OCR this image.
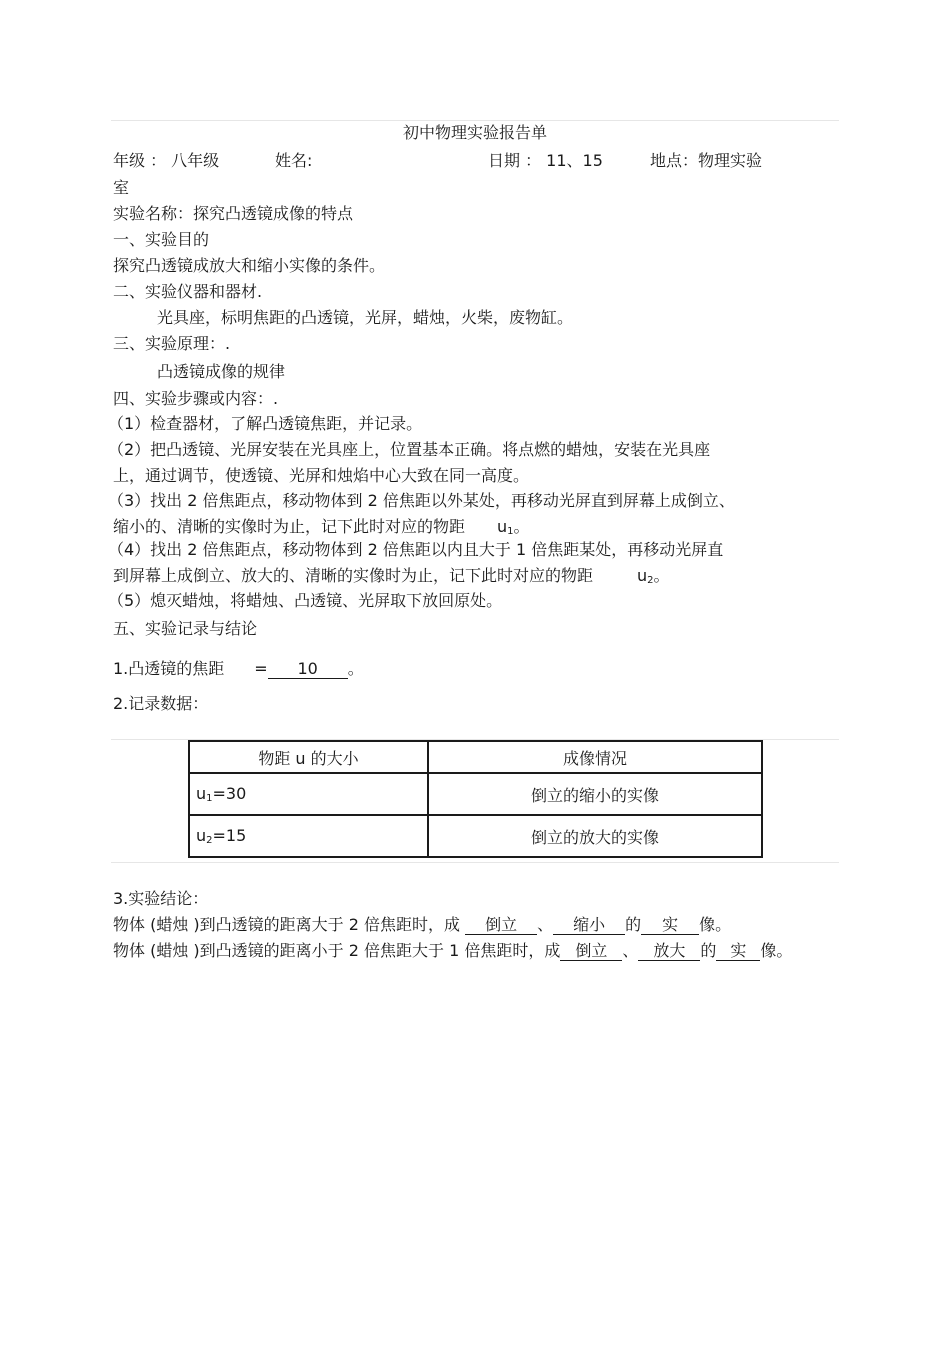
初中物理实验报告单
年级 ： 八年级	姓名:	日期 ： 11、15	地点：物理实验
室
实验名称：探究凸透镜成像的特点
一、实验目的
探究凸透镜成放大和缩小实像的条件。
二、实验仪器和器材.
光具座，标明焦距的凸透镜，光屏，蜡烛，火柴，废物缸。
三、实验原理：.
凸透镜成像的规律
四、实验步骤或内容：.
（1）检查器材，了解凸透镜焦距，并记录。
（2）把凸透镜、光屏安装在光具座上，位置基本正确。将点燃的蜡烛，安装在光具座
上，通过调节，使透镜、光屏和烛焰中心大致在同一高度。
（3）找出 2 倍焦距点，移动物体到 2 倍焦距以外某处，再移动光屏直到屏幕上成倒立、
缩小的、清晰的实像时为止，记下此时对应的物距 $u_1$。
（4）找出 2 倍焦距点，移动物体到 2 倍焦距以内且大于 1 倍焦距某处，再移动光屏直
到屏幕上成倒立、放大的、清晰的实像时为止，记下此时对应的物距	$u_2$。
（5）熄灭蜡烛，将蜡烛、凸透镜、光屏取下放回原处。
五、实验记录与结论
1.凸透镜的焦距 = 10 。
2.记录数据：
物距 u 的大小	成像情况
$u_1=30$	倒立的缩小的实像
$u_2=15$	倒立的放大的实像
3.实验结论：
物体 (蜡烛 )到凸透镜的距离大于 2 倍焦距时，成 倒立 、 缩小 的 实 像。
物体 (蜡烛 )到凸透镜的距离小于 2 倍焦距大于 1 倍焦距时，成 倒立 、 放大 的 实 像。
